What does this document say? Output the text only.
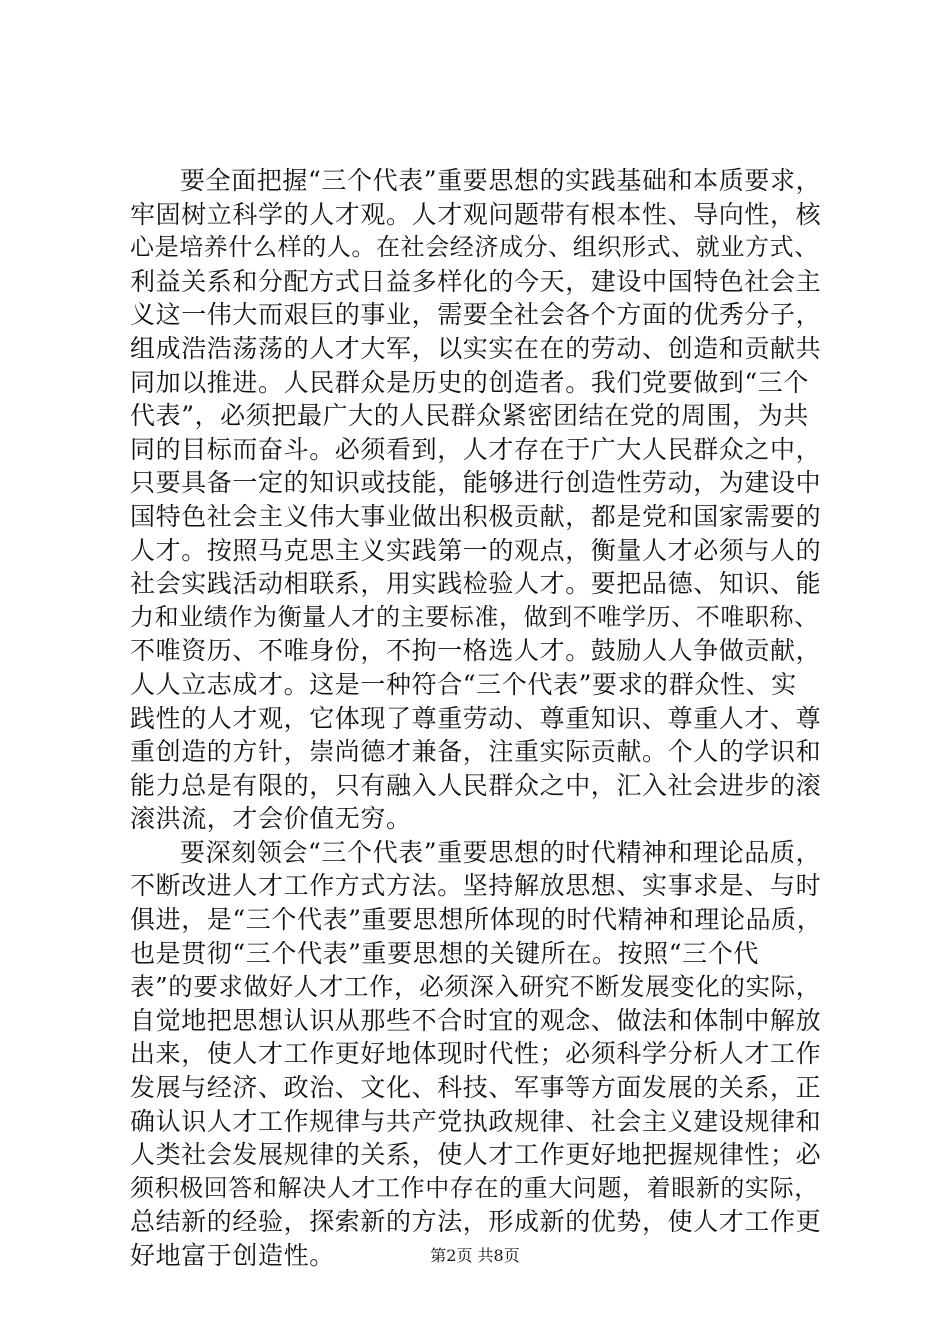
要全面把握“三个代表”重要思想的实践基础和本质要求，
牢固树立科学的人才观。人才观问题带有根本性、导向性，核
心是培养什么样的人。在社会经济成分、组织形式、就业方式、
利益关系和分配方式日益多样化的今天，建设中国特色社会主
义这一伟大而艰巨的事业，需要全社会各个方面的优秀分子，
组成浩浩荡荡的人才大军，以实实在在的劳动、创造和贡献共
同加以推进。人民群众是历史的创造者。我们党要做到“三个
代表”，必须把最广大的人民群众紧密团结在党的周围，为共
同的目标而奋斗。必须看到，人才存在于广大人民群众之中，
只要具备一定的知识或技能，能够进行创造性劳动，为建设中
国特色社会主义伟大事业做出积极贡献，都是党和国家需要的
人才。按照马克思主义实践第一的观点，衡量人才必须与人的
社会实践活动相联系，用实践检验人才。要把品德、知识、能
力和业绩作为衡量人才的主要标准，做到不唯学历、不唯职称、
不唯资历、不唯身份，不拘一格选人才。鼓励人人争做贡献，
人人立志成才。这是一种符合“三个代表”要求的群众性、实
践性的人才观，它体现了尊重劳动、尊重知识、尊重人才、尊
重创造的方针，崇尚德才兼备，注重实际贡献。个人的学识和
能力总是有限的，只有融入人民群众之中，汇入社会进步的滚
滚洪流，才会价值无穷。
要深刻领会“三个代表”重要思想的时代精神和理论品质，
不断改进人才工作方式方法。坚持解放思想、实事求是、与时
俱进，是“三个代表”重要思想所体现的时代精神和理论品质，
也是贯彻“三个代表”重要思想的关键所在。按照“三个代
表”的要求做好人才工作，必须深入研究不断发展变化的实际，
自觉地把思想认识从那些不合时宜的观念、做法和体制中解放
出来，使人才工作更好地体现时代性；必须科学分析人才工作
发展与经济、政治、文化、科技、军事等方面发展的关系，正
确认识人才工作规律与共产党执政规律、社会主义建设规律和
人类社会发展规律的关系，使人才工作更好地把握规律性；必
须积极回答和解决人才工作中存在的重大问题，着眼新的实际，
总结新的经验，探索新的方法，形成新的优势，使人才工作更
好地富于创造性。	第2页 共8页
